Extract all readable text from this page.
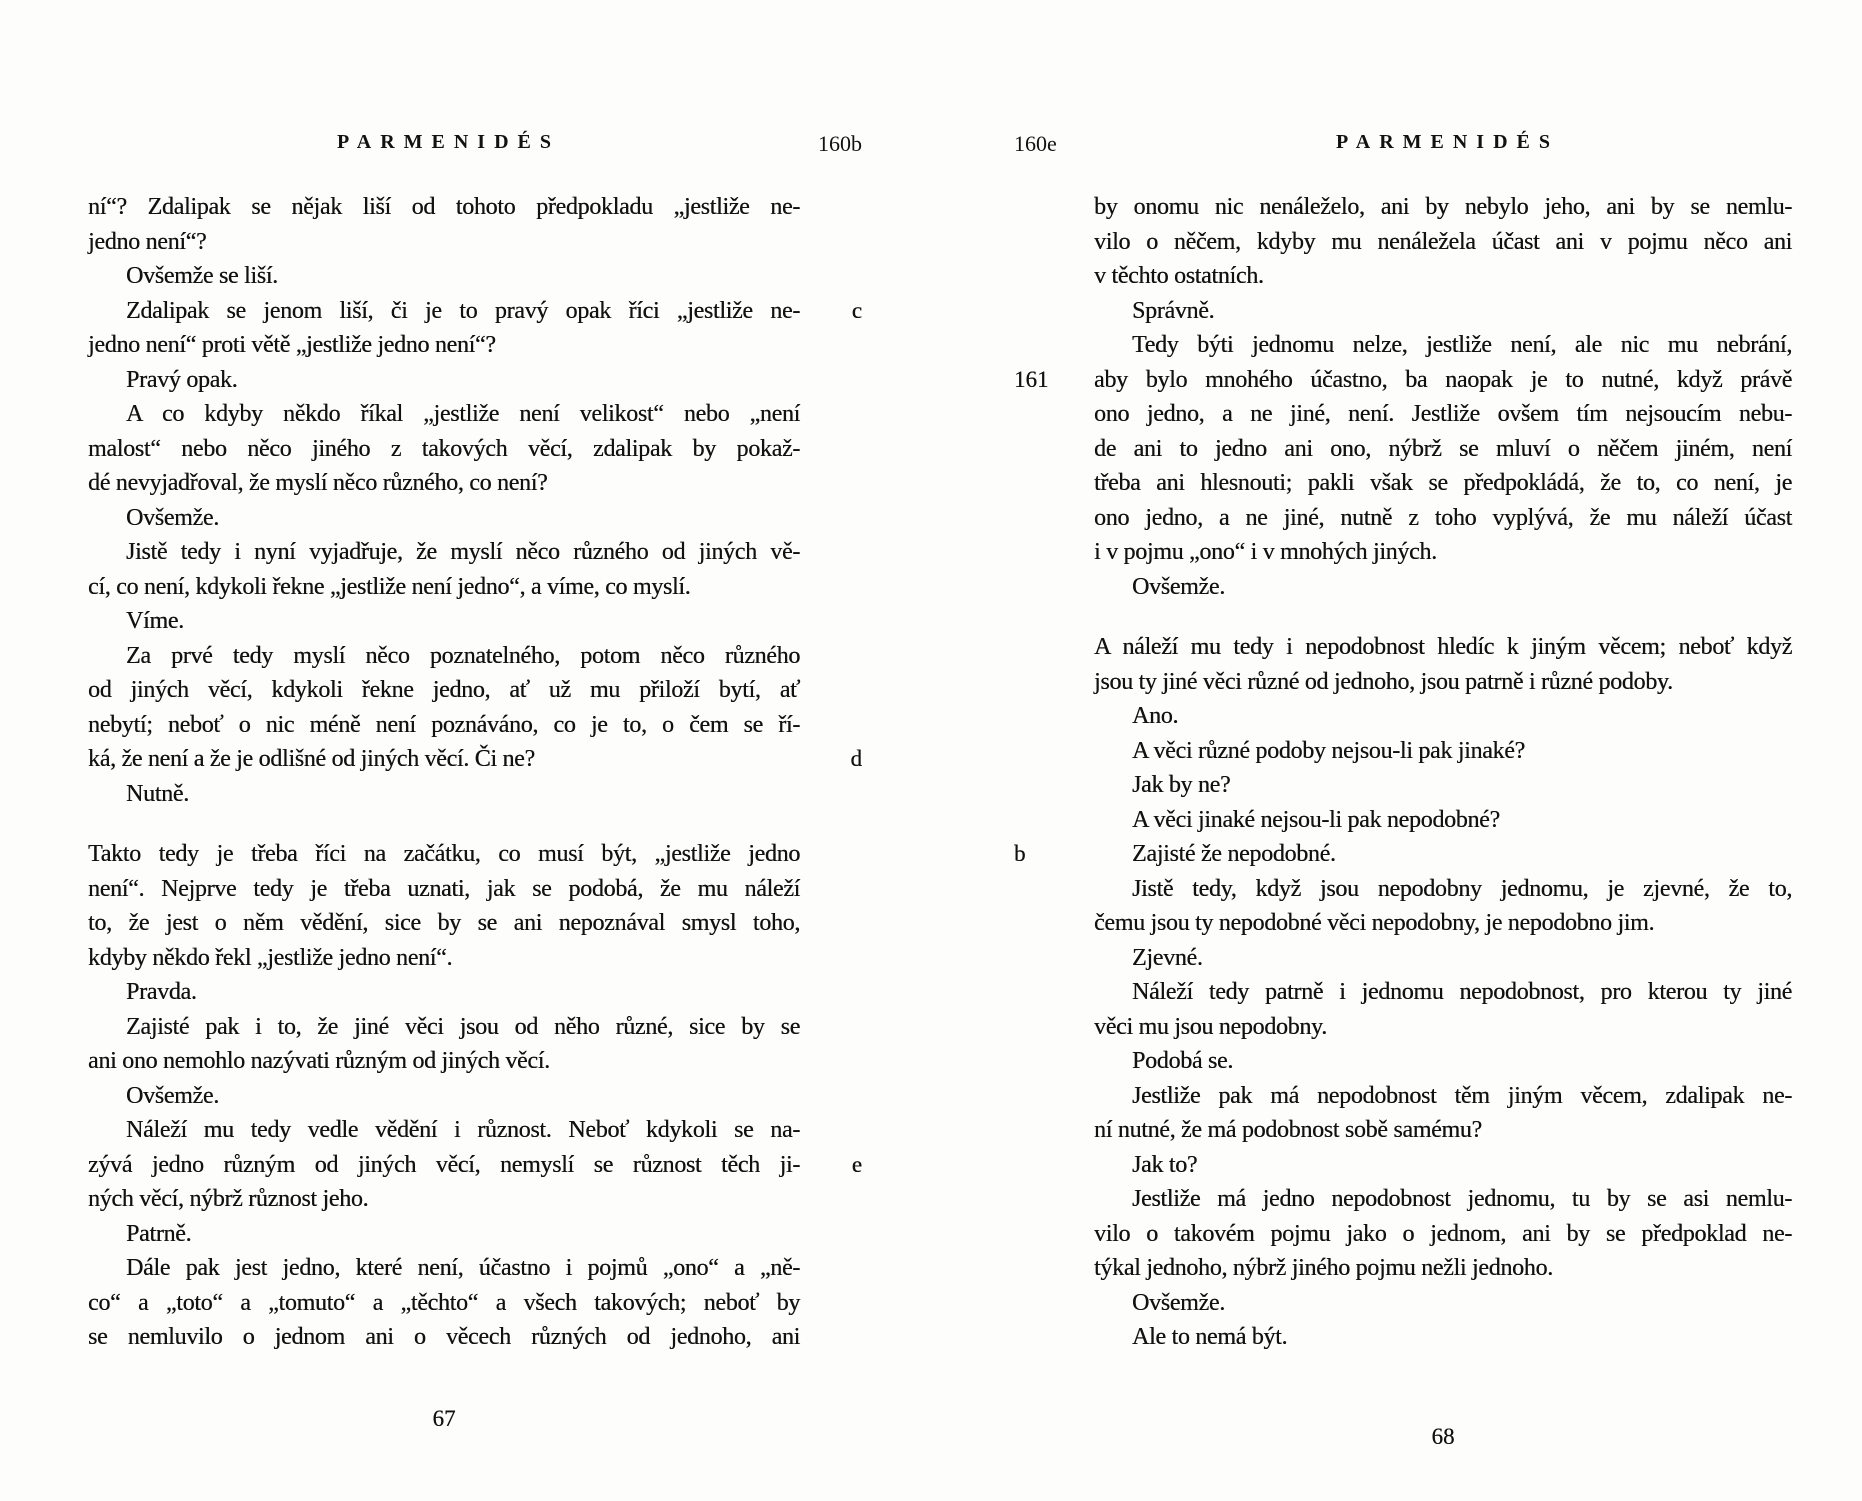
PARMENIDÉS	160b
ní“? Zdalipak se nějak liší od tohoto předpokladu „jestliže ne-
jedno není“?
Ovšemže se liší.
Zdalipak se jenom liší, či je to pravý opak říci „jestliže ne- c
jedno není“ proti větě „jestliže jedno není“?
Pravý opak.
A co kdyby někdo říkal „jestliže není velikost“ nebo „není
malost“ nebo něco jiného z takových věcí, zdalipak by pokaž-
dé nevyjadřoval, že myslí něco různého, co není?
Ovšemže.
Jistě tedy i nyní vyjadřuje, že myslí něco různého od jiných vě-
cí, co není, kdykoli řekne „jestliže není jedno“, a víme, co myslí.
Víme.
Za prvé tedy myslí něco poznatelného, potom něco různého
od jiných věcí, kdykoli řekne jedno, ať už mu přiloží bytí, ať
nebytí; neboť o nic méně není poznáváno, co je to, o čem se ří-
ká, že není a že je odlišné od jiných věcí. Či ne?	d
Nutně.
Takto tedy je třeba říci na začátku, co musí být, „jestliže jedno
není“. Nejprve tedy je třeba uznati, jak se podobá, že mu náleží
to, že jest o něm vědění, sice by se ani nepoznával smysl toho,
kdyby někdo řekl „jestliže jedno není“.
Pravda.
Zajisté pak i to, že jiné věci jsou od něho různé, sice by se
ani ono nemohlo nazývati různým od jiných věcí.
Ovšemže.
Náleží mu tedy vedle vědění i různost. Neboť kdykoli se na-
zývá jedno různým od jiných věcí, nemyslí se různost těch ji- e
ných věcí, nýbrž různost jeho.
Patrně.
Dále pak jest jedno, které není, účastno i pojmů „ono“ a „ně-
co“ a „toto“ a „tomuto“ a „těchto“ a všech takových; neboť by
se nemluvilo o jednom ani o věcech různých od jednoho, ani
67
PARMENIDÉS
160e
by onomu nic nenáleželo, ani by nebylo jeho, ani by se nemlu-
vilo o něčem, kdyby mu nenáležela účast ani v pojmu něco ani
v těchto ostatních.
Správně.
Tedy býti jednomu nelze, jestliže není, ale nic mu nebrání,
aby bylo mnohého účastno, ba naopak je to nutné, když právě
161
ono jedno, a ne jiné, není. Jestliže ovšem tím nejsoucím nebu-
de ani to jedno ani ono, nýbrž se mluví o něčem jiném, není
třeba ani hlesnouti; pakli však se předpokládá, že to, co není, je
ono jedno, a ne jiné, nutně z toho vyplývá, že mu náleží účast
i v pojmu „ono“ i v mnohých jiných.
Ovšemže.
A náleží mu tedy i nepodobnost hledíc k jiným věcem; neboť když
jsou ty jiné věci různé od jednoho, jsou patrně i různé podoby.
Ano.
A věci různé podoby nejsou-li pak jinaké?
Jak by ne?
A věci jinaké nejsou-li pak nepodobné?
Zajisté že nepodobné.
b
Jistě tedy, když jsou nepodobny jednomu, je zjevné, že to,
čemu jsou ty nepodobné věci nepodobny, je nepodobno jim.
Zjevné.
Náleží tedy patrně i jednomu nepodobnost, pro kterou ty jiné
věci mu jsou nepodobny.
Podobá se.
Jestliže pak má nepodobnost těm jiným věcem, zdalipak ne-
ní nutné, že má podobnost sobě samému?
Jak to?
Jestliže má jedno nepodobnost jednomu, tu by se asi nemlu-
vilo o takovém pojmu jako o jednom, ani by se předpoklad ne-
týkal jednoho, nýbrž jiného pojmu nežli jednoho.
Ovšemže.
Ale to nemá být.
68
